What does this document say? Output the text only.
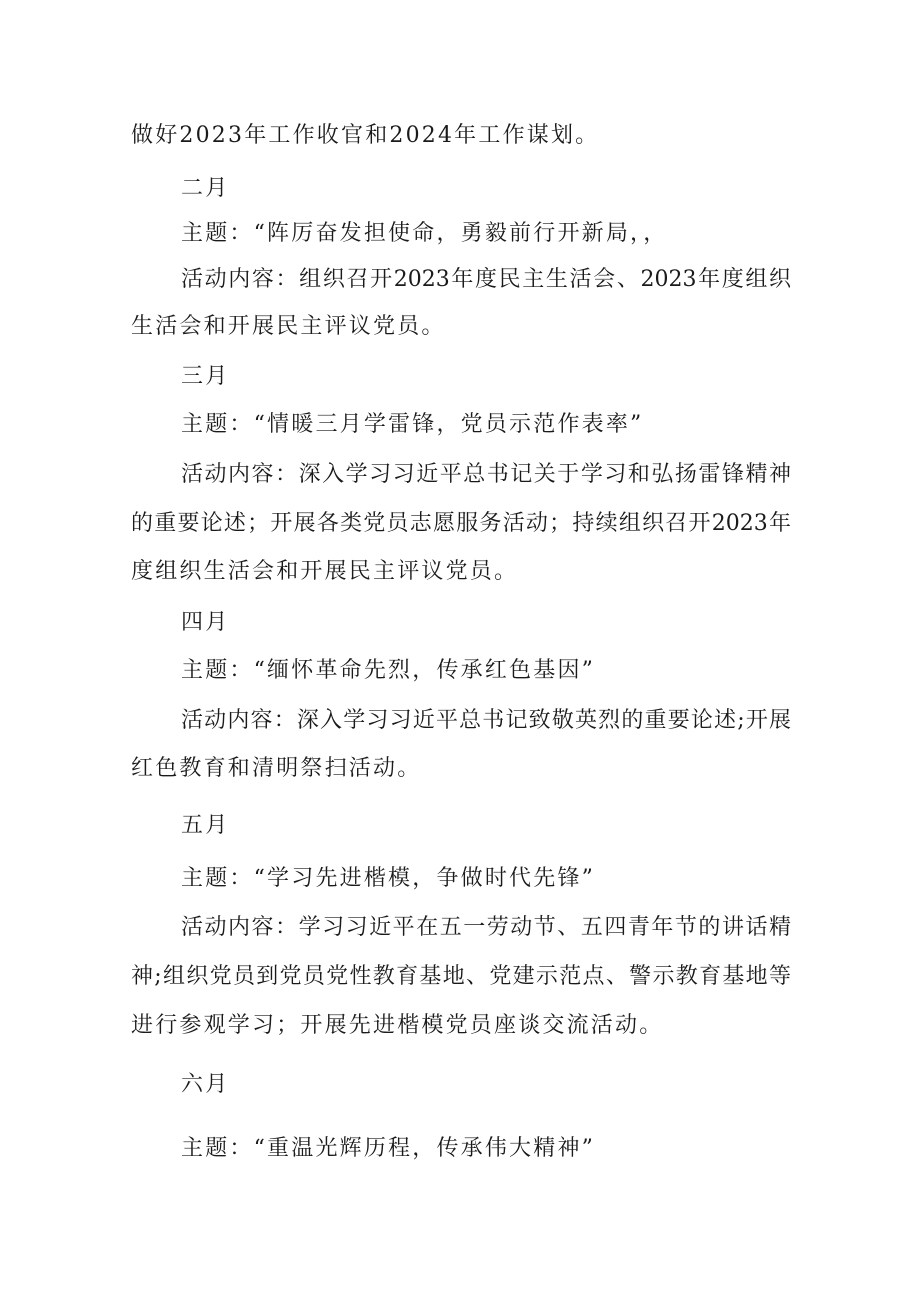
做好2023年工作收官和2024年工作谋划。
二月
主题：“阵厉奋发担使命，勇毅前行开新局，，
活动内容：组织召开2023年度民主生活会、2023年度组织
生活会和开展民主评议党员。
三月
主题：“情暖三月学雷锋，党员示范作表率”
活动内容：深入学习习近平总书记关于学习和弘扬雷锋精神
的重要论述；开展各类党员志愿服务活动；持续组织召开2023年
度组织生活会和开展民主评议党员。
四月
主题：“缅怀革命先烈，传承红色基因”
活动内容：深入学习习近平总书记致敬英烈的重要论述;开展
红色教育和清明祭扫活动。
五月
主题：“学习先进楷模，争做时代先锋”
活动内容：学习习近平在五一劳动节、五四青年节的讲话精
神;组织党员到党员党性教育基地、党建示范点、警示教育基地等
进行参观学习；开展先进楷模党员座谈交流活动。
六月
主题：“重温光辉历程，传承伟大精神”
